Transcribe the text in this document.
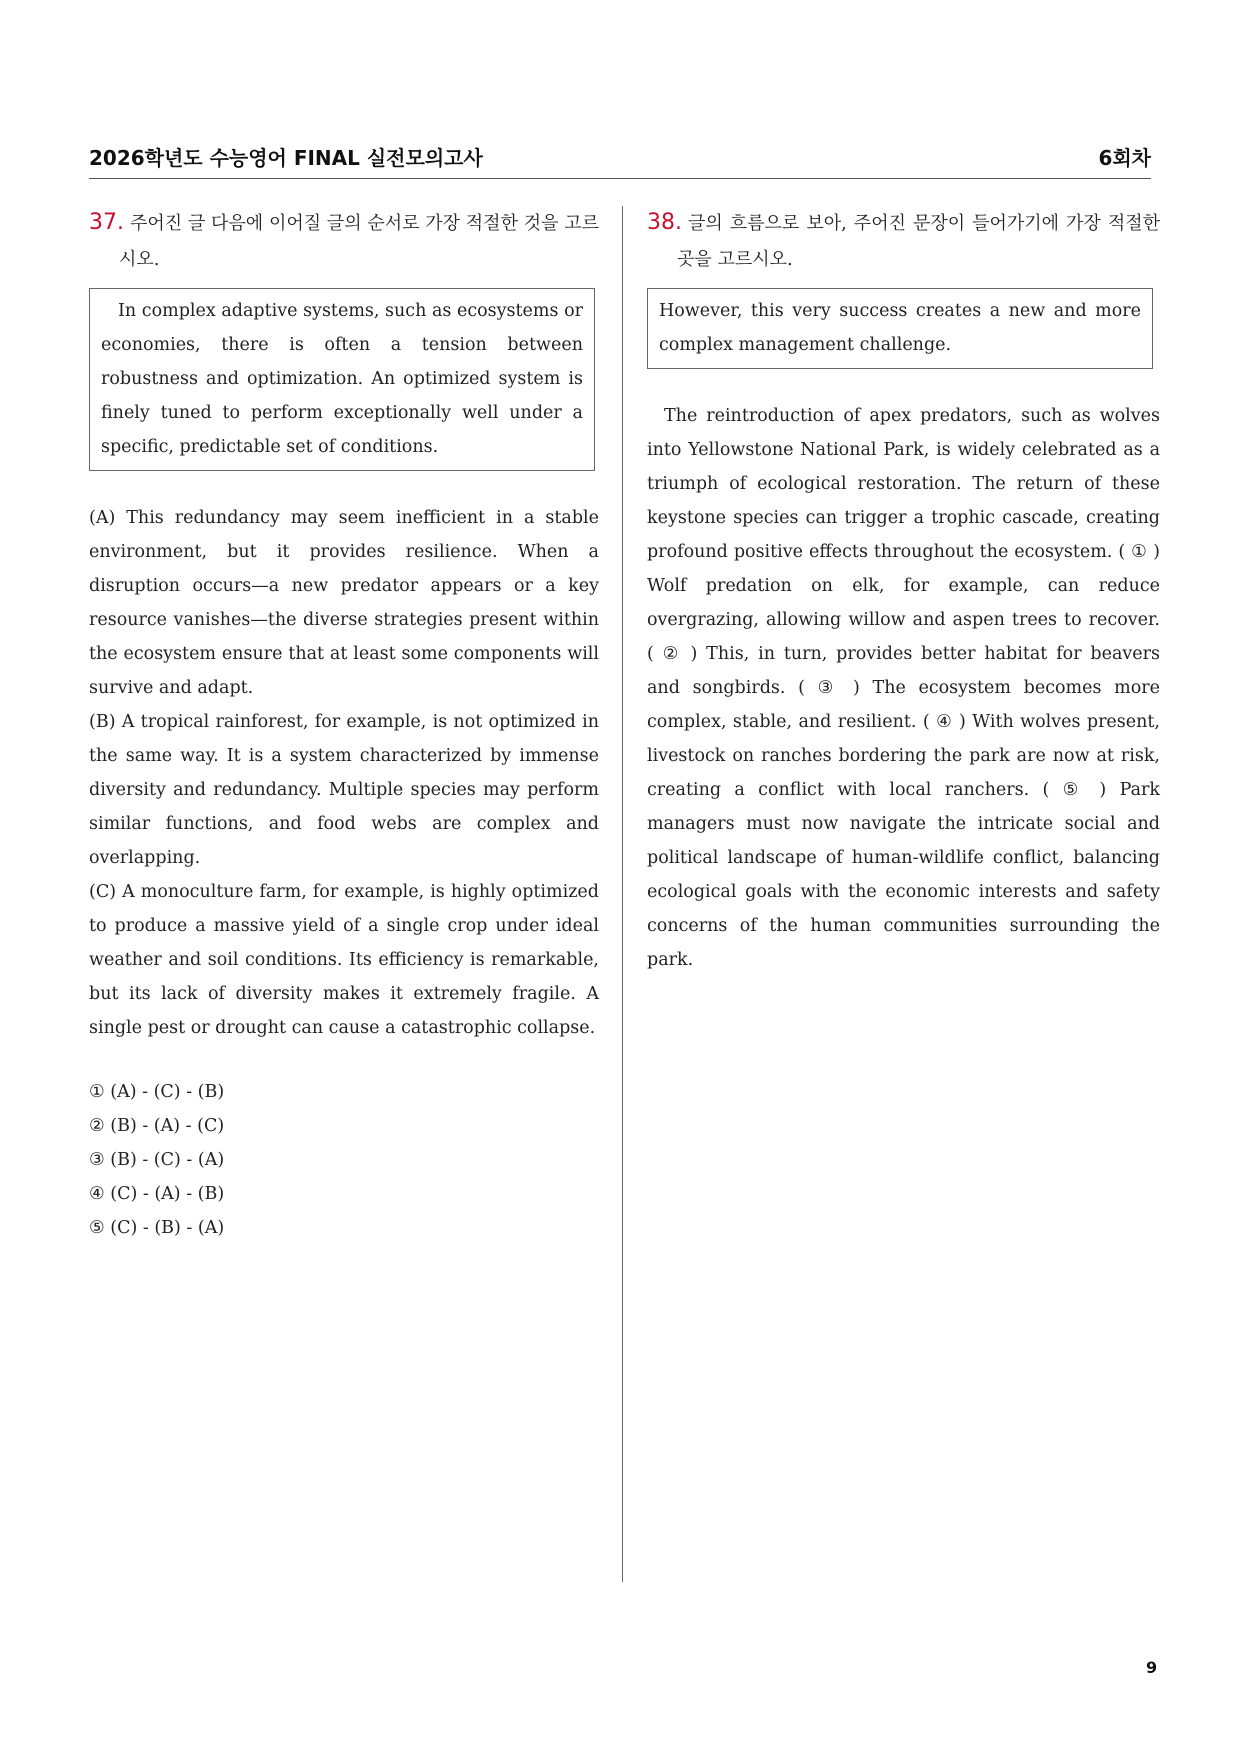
2026학년도 수능영어 FINAL 실전모의고사	6회차

37. 주어진 글 다음에 이어질 글의 순서로 가장 적절한 것을 고르시오.

In complex adaptive systems, such as ecosystems or economies, there is often a tension between robustness and optimization. An optimized system is finely tuned to perform exceptionally well under a specific, predictable set of conditions.
(A) This redundancy may seem inefficient in a stable environment, but it provides resilience. When a disruption occurs—a new predator appears or a key resource vanishes—the diverse strategies present within the ecosystem ensure that at least some components will survive and adapt.
(B) A tropical rainforest, for example, is not optimized in the same way. It is a system characterized by immense diversity and redundancy. Multiple species may perform similar functions, and food webs are complex and overlapping.
(C) A monoculture farm, for example, is highly optimized to produce a massive yield of a single crop under ideal weather and soil conditions. Its efficiency is remarkable, but its lack of diversity makes it extremely fragile. A single pest or drought can cause a catastrophic collapse.
① (A) - (C) - (B)
② (B) - (A) - (C)
③ (B) - (C) - (A)
④ (C) - (A) - (B)
⑤ (C) - (B) - (A)

38. 글의 흐름으로 보아, 주어진 문장이 들어가기에 가장 적절한 곳을 고르시오.

However, this very success creates a new and more complex management challenge.

The reintroduction of apex predators, such as wolves into Yellowstone National Park, is widely celebrated as a triumph of ecological restoration. The return of these keystone species can trigger a trophic cascade, creating profound positive effects throughout the ecosystem. ( ① ) Wolf predation on elk, for example, can reduce overgrazing, allowing willow and aspen trees to recover. ( ② ) This, in turn, provides better habitat for beavers and songbirds. ( ③ ) The ecosystem becomes more complex, stable, and resilient. ( ④ ) With wolves present, livestock on ranches bordering the park are now at risk, creating a conflict with local ranchers. ( ⑤ ) Park managers must now navigate the intricate social and political landscape of human-wildlife conflict, balancing ecological goals with the economic interests and safety concerns of the human communities surrounding the park.

9
